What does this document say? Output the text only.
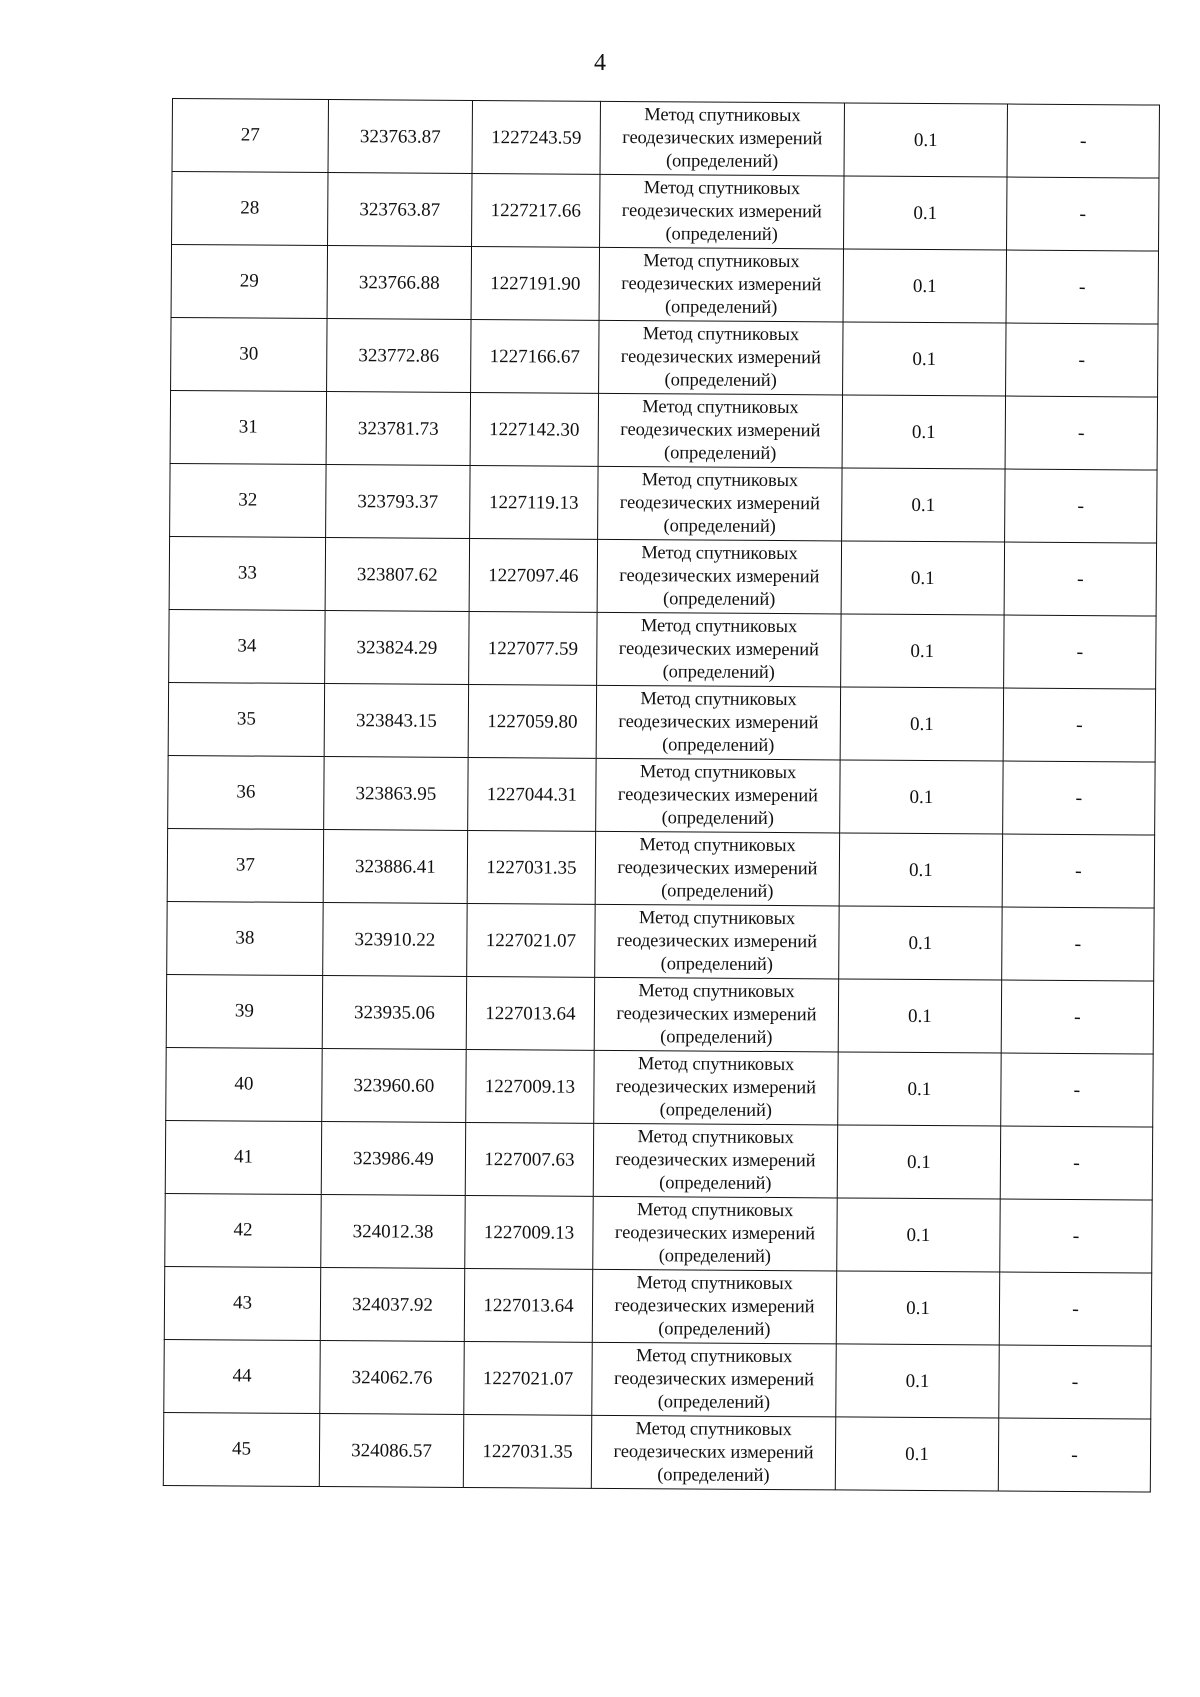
4
27	323763.87	1227243.59	Метод спутниковых
геодезических измерений
(определений)	0.1	-
28	323763.87	1227217.66	Метод спутниковых
геодезических измерений
(определений)	0.1	-
29	323766.88	1227191.90	Метод спутниковых
геодезических измерений
(определений)	0.1	-
30	323772.86	1227166.67	Метод спутниковых
геодезических измерений
(определений)	0.1	-
31	323781.73	1227142.30	Метод спутниковых
геодезических измерений
(определений)	0.1	-
32	323793.37	1227119.13	Метод спутниковых
геодезических измерений
(определений)	0.1	-
33	323807.62	1227097.46	Метод спутниковых
геодезических измерений
(определений)	0.1	-
34	323824.29	1227077.59	Метод спутниковых
геодезических измерений
(определений)	0.1	-
35	323843.15	1227059.80	Метод спутниковых
геодезических измерений
(определений)	0.1	-
36	323863.95	1227044.31	Метод спутниковых
геодезических измерений
(определений)	0.1	-
37	323886.41	1227031.35	Метод спутниковых
геодезических измерений
(определений)	0.1	-
38	323910.22	1227021.07	Метод спутниковых
геодезических измерений
(определений)	0.1	-
39	323935.06	1227013.64	Метод спутниковых
геодезических измерений
(определений)	0.1	-
40	323960.60	1227009.13	Метод спутниковых
геодезических измерений
(определений)	0.1	-
41	323986.49	1227007.63	Метод спутниковых
геодезических измерений
(определений)	0.1	-
42	324012.38	1227009.13	Метод спутниковых
геодезических измерений
(определений)	0.1	-
43	324037.92	1227013.64	Метод спутниковых
геодезических измерений
(определений)	0.1	-
44	324062.76	1227021.07	Метод спутниковых
геодезических измерений
(определений)	0.1	-
45	324086.57	1227031.35	Метод спутниковых
геодезических измерений
(определений)	0.1	-
